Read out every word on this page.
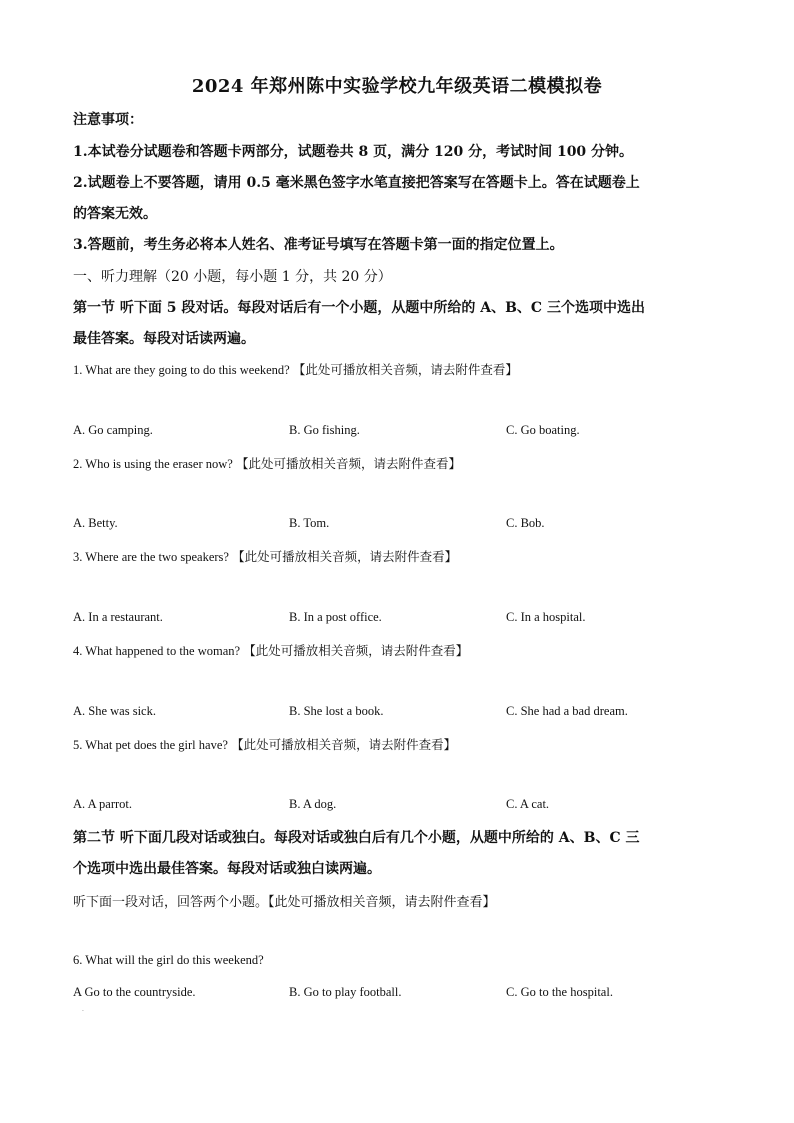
2024 年郑州陈中实验学校九年级英语二模模拟卷
注意事项：
1.本试卷分试题卷和答题卡两部分，试题卷共 8 页，满分 120 分，考试时间 100 分钟。
2.试题卷上不要答题，请用 0.5 毫米黑色签字水笔直接把答案写在答题卡上。答在试题卷上
的答案无效。
3.答题前，考生务必将本人姓名、准考证号填写在答题卡第一面的指定位置上。
一、听力理解（20 小题，每小题 1 分，共 20 分）
第一节 听下面 5 段对话。每段对话后有一个小题，从题中所给的 A、B、C 三个选项中选出
最佳答案。每段对话读两遍。
1. What are they going to do this weekend? 【此处可播放相关音频，请去附件查看】
A. Go camping.	B. Go fishing.	C. Go boating.
2. Who is using the eraser now? 【此处可播放相关音频，请去附件查看】
A. Betty.	B. Tom.	C. Bob.
3. Where are the two speakers? 【此处可播放相关音频，请去附件查看】
A. In a restaurant.	B. In a post office.	C. In a hospital.
4. What happened to the woman? 【此处可播放相关音频，请去附件查看】
A. She was sick.	B. She lost a book.	C. She had a bad dream.
5. What pet does the girl have? 【此处可播放相关音频，请去附件查看】
A. A parrot.	B. A dog.	C. A cat.
第二节 听下面几段对话或独白。每段对话或独白后有几个小题，从题中所给的 A、B、C 三
个选项中选出最佳答案。每段对话或独白读两遍。
听下面一段对话，回答两个小题。【此处可播放相关音频，请去附件查看】
6. What will the girl do this weekend?
A Go to the countryside.	B. Go to play football.	C. Go to the hospital.
·
